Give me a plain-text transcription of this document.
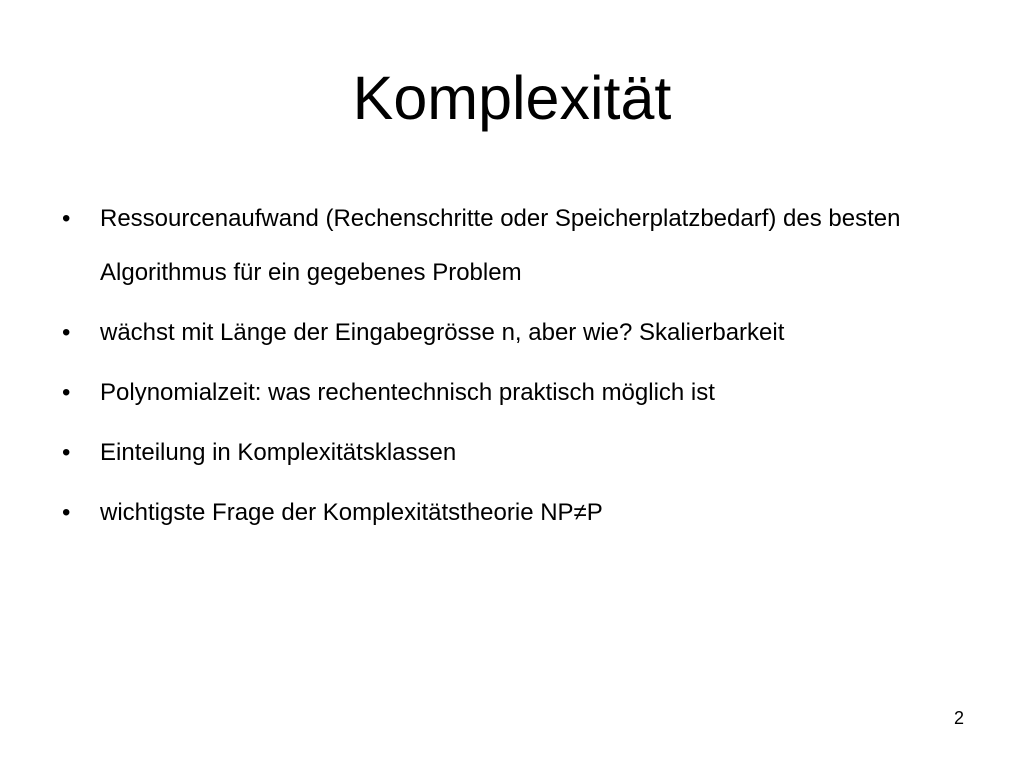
Komplexität
• Ressourcenaufwand (Rechenschritte oder Speicherplatzbedarf) des besten Algorithmus für ein gegebenes Problem
• wächst mit Länge der Eingabegrösse n, aber wie? Skalierbarkeit
• Polynomialzeit: was rechentechnisch praktisch möglich ist
• Einteilung in Komplexitätsklassen
• wichtigste Frage der Komplexitätstheorie NP≠P
2
